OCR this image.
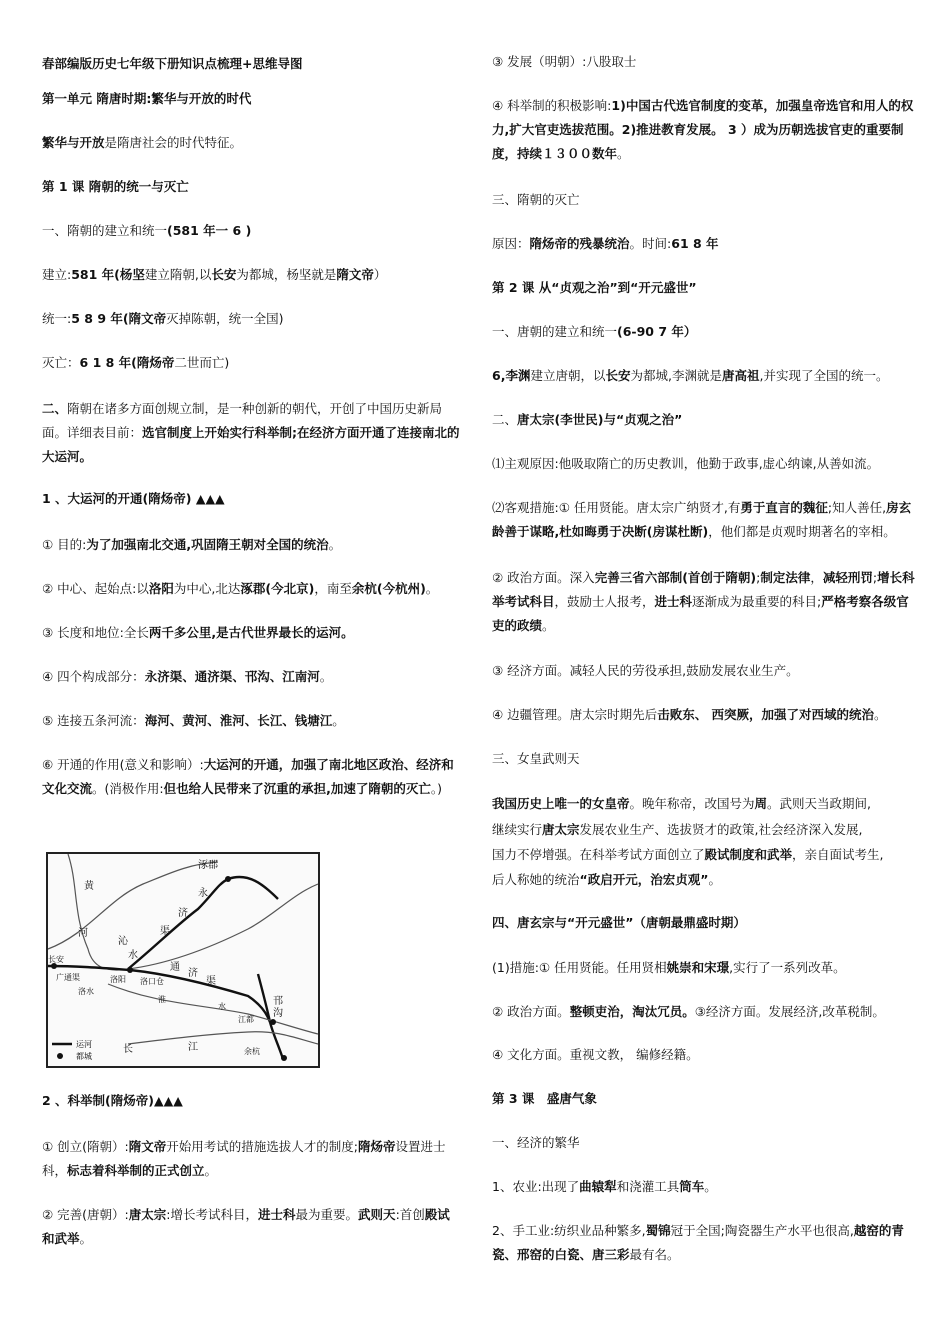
春部编版历史七年级下册知识点梳理+思维导图

第一单元 隋唐时期:繁华与开放的时代

繁华与开放是隋唐社会的时代特征。

第 1 课 隋朝的统一与灭亡

一、隋朝的建立和统一(581 年一 6 )

建立:581 年(杨坚建立隋朝,以长安为都城，杨坚就是隋文帝）

统一:5 8 9 年(隋文帝灭掉陈朝，统一全国)

灭亡：6 1 8 年(隋炀帝二世而亡)

二、隋朝在诸多方面创规立制，是一种创新的朝代，开创了中国历史新局面。详细表目前：选官制度上开始实行科举制;在经济方面开通了连接南北的大运河。

1 、大运河的开通(隋炀帝) ▲▲▲

① 目的:为了加强南北交通,巩固隋王朝对全国的统治。

② 中心、起始点:以洛阳为中心,北达涿郡(今北京)，南至余杭(今杭州)。

③ 长度和地位:全长两千多公里,是古代世界最长的运河。

④ 四个构成部分：永济渠、通济渠、邗沟、江南河。

⑤ 连接五条河流：海河、黄河、淮河、长江、钱塘江。

⑥ 开通的作用(意义和影响）:大运河的开通，加强了南北地区政治、经济和文化交流。(消极作用:但也给人民带来了沉重的承担,加速了隋朝的灭亡。)

2 、科举制(隋炀帝)▲▲▲

① 创立(隋朝）:隋文帝开始用考试的措施选拔人才的制度;隋炀帝设置进士科，标志着科举制的正式创立。

② 完善(唐朝）:唐太宗:增长考试科目，进士科最为重要。武则天:首创殿试和武举。

涿郡
黄
河
永
济
渠
沁
水
长安
广通渠
洛水
洛阳 洛口仓
通
济
渠
淮
水
江都
邗
沟
长	江	余杭
运河
都城

③ 发展（明朝）:八股取士

④ 科举制的积极影响:1)中国古代选官制度的变革，加强皇帝选官和用人的权力,扩大官吏选拔范围。2)推进教育发展。 3 ）成为历朝选拔官吏的重要制度，持续１３００数年。

三、隋朝的灭亡

原因：隋炀帝的残暴统治。时间:61 8 年

第 2 课 从“贞观之治”到“开元盛世”

一、唐朝的建立和统一(6-90 7 年）

6,李渊建立唐朝，以长安为都城,李渊就是唐高祖,并实现了全国的统一。

二、唐太宗(李世民)与“贞观之治”

⑴主观原因:他吸取隋亡的历史教训，他勤于政事,虚心纳谏,从善如流。

⑵客观措施:① 任用贤能。唐太宗广纳贤才,有勇于直言的魏征;知人善任,房玄龄善于谋略,杜如晦勇于决断(房谋杜断)，他们都是贞观时期著名的宰相。

② 政治方面。深入完善三省六部制(首创于隋朝);制定法律，减轻刑罚;增长科举考试科目，鼓励士人报考，进士科逐渐成为最重要的科目;严格考察各级官吏的政绩。

③ 经济方面。减轻人民的劳役承担,鼓励发展农业生产。

④ 边疆管理。唐太宗时期先后击败东、 西突厥，加强了对西域的统治。

三、女皇武则天

我国历史上唯一的女皇帝。晚年称帝，改国号为周。武则天当政期间,

继续实行唐太宗发展农业生产、选拔贤才的政策,社会经济深入发展,

国力不停增强。在科举考试方面创立了殿试制度和武举，亲自面试考生,

后人称她的统治“政启开元，治宏贞观”。

四、唐玄宗与“开元盛世”（唐朝最鼎盛时期）

(1)措施:① 任用贤能。任用贤相姚崇和宋璟,实行了一系列改革。

② 政治方面。整顿吏治，淘汰冗员。③经济方面。发展经济,改革税制。

④ 文化方面。重视文教， 编修经籍。

第 3 课　盛唐气象

一、经济的繁华

1、农业:出现了曲辕犁和浇灌工具筒车。

2、手工业:纺织业品种繁多,蜀锦冠于全国;陶瓷器生产水平也很高,越窑的青瓷、邢窑的白瓷、唐三彩最有名。
